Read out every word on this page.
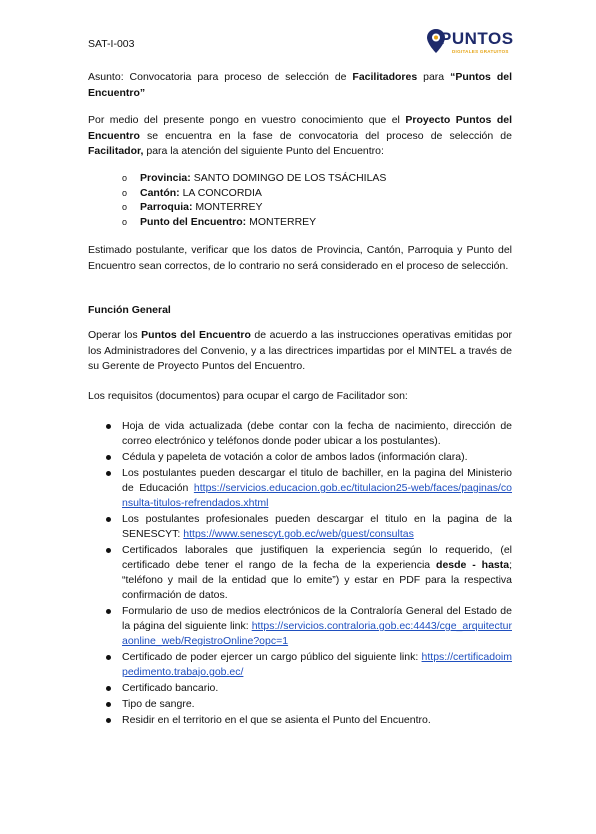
SAT-I-003	PUNTOS
DIGITALES GRATUITOS
Asunto: Convocatoria para proceso de selección de Facilitadores para “Puntos del Encuentro”
Por medio del presente pongo en vuestro conocimiento que el Proyecto Puntos del Encuentro se encuentra en la fase de convocatoria del proceso de selección de Facilitador, para la atención del siguiente Punto del Encuentro:
o Provincia: SANTO DOMINGO DE LOS TSÁCHILAS
o Cantón: LA CONCORDIA
o Parroquia: MONTERREY
o Punto del Encuentro: MONTERREY
Estimado postulante, verificar que los datos de Provincia, Cantón, Parroquia y Punto del Encuentro sean correctos, de lo contrario no será considerado en el proceso de selección.
Función General
Operar los Puntos del Encuentro de acuerdo a las instrucciones operativas emitidas por los Administradores del Convenio, y a las directrices impartidas por el MINTEL a través de su Gerente de Proyecto Puntos del Encuentro.
Los requisitos (documentos) para ocupar el cargo de Facilitador son:
Hoja de vida actualizada (debe contar con la fecha de nacimiento, dirección de correo electrónico y teléfonos donde poder ubicar a los postulantes).
Cédula y papeleta de votación a color de ambos lados (información clara).
Los postulantes pueden descargar el titulo de bachiller, en la pagina del Ministerio de Educación https://servicios.educacion.gob.ec/titulacion25-web/faces/paginas/consulta-titulos-refrendados.xhtml
Los postulantes profesionales pueden descargar el titulo en la pagina de la SENESCYT: https://www.senescyt.gob.ec/web/guest/consultas
Certificados laborales que justifiquen la experiencia según lo requerido, (el certificado debe tener el rango de la fecha de la experiencia desde - hasta; “teléfono y mail de la entidad que lo emite”) y estar en PDF para la respectiva confirmación de datos.
Formulario de uso de medios electrónicos de la Contraloría General del Estado de la página del siguiente link: https://servicios.contraloria.gob.ec:4443/cge_arquitecturaonline_web/RegistroOnline?opc=1
Certificado de poder ejercer un cargo público del siguiente link: https://certificadoimpedimento.trabajo.gob.ec/
Certificado bancario.
Tipo de sangre.
Residir en el territorio en el que se asienta el Punto del Encuentro.
